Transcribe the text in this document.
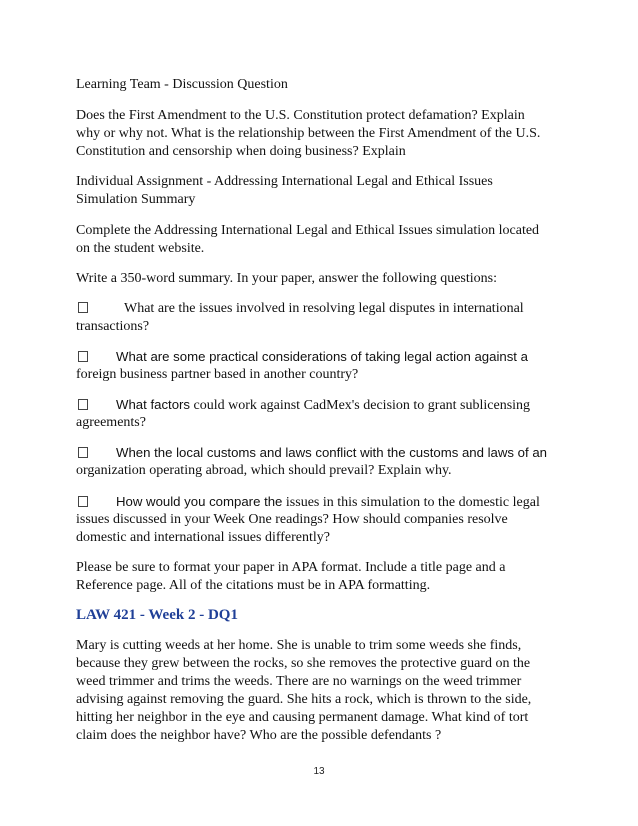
Learning Team - Discussion Question
Does the First Amendment to the U.S. Constitution protect defamation? Explain
why or why not. What is the relationship between the First Amendment of the U.S.
Constitution and censorship when doing business? Explain
Individual Assignment - Addressing International Legal and Ethical Issues
Simulation Summary
Complete the Addressing International Legal and Ethical Issues simulation located
on the student website.
Write a 350-word summary. In your paper, answer the following questions:
What are the issues involved in resolving legal disputes in international
transactions?
What are some practical considerations of taking legal action against a
foreign business partner based in another country?
What factors could work against CadMex's decision to grant sublicensing
agreements?
When the local customs and laws conflict with the customs and laws of an
organization operating abroad, which should prevail? Explain why.
How would you compare the issues in this simulation to the domestic legal
issues discussed in your Week One readings? How should companies resolve
domestic and international issues differently?
Please be sure to format your paper in APA format. Include a title page and a
Reference page. All of the citations must be in APA formatting.
LAW 421 - Week 2 - DQ1
Mary is cutting weeds at her home. She is unable to trim some weeds she finds,
because they grew between the rocks, so she removes the protective guard on the
weed trimmer and trims the weeds. There are no warnings on the weed trimmer
advising against removing the guard. She hits a rock, which is thrown to the side,
hitting her neighbor in the eye and causing permanent damage. What kind of tort
claim does the neighbor have? Who are the possible defendants ?
13
